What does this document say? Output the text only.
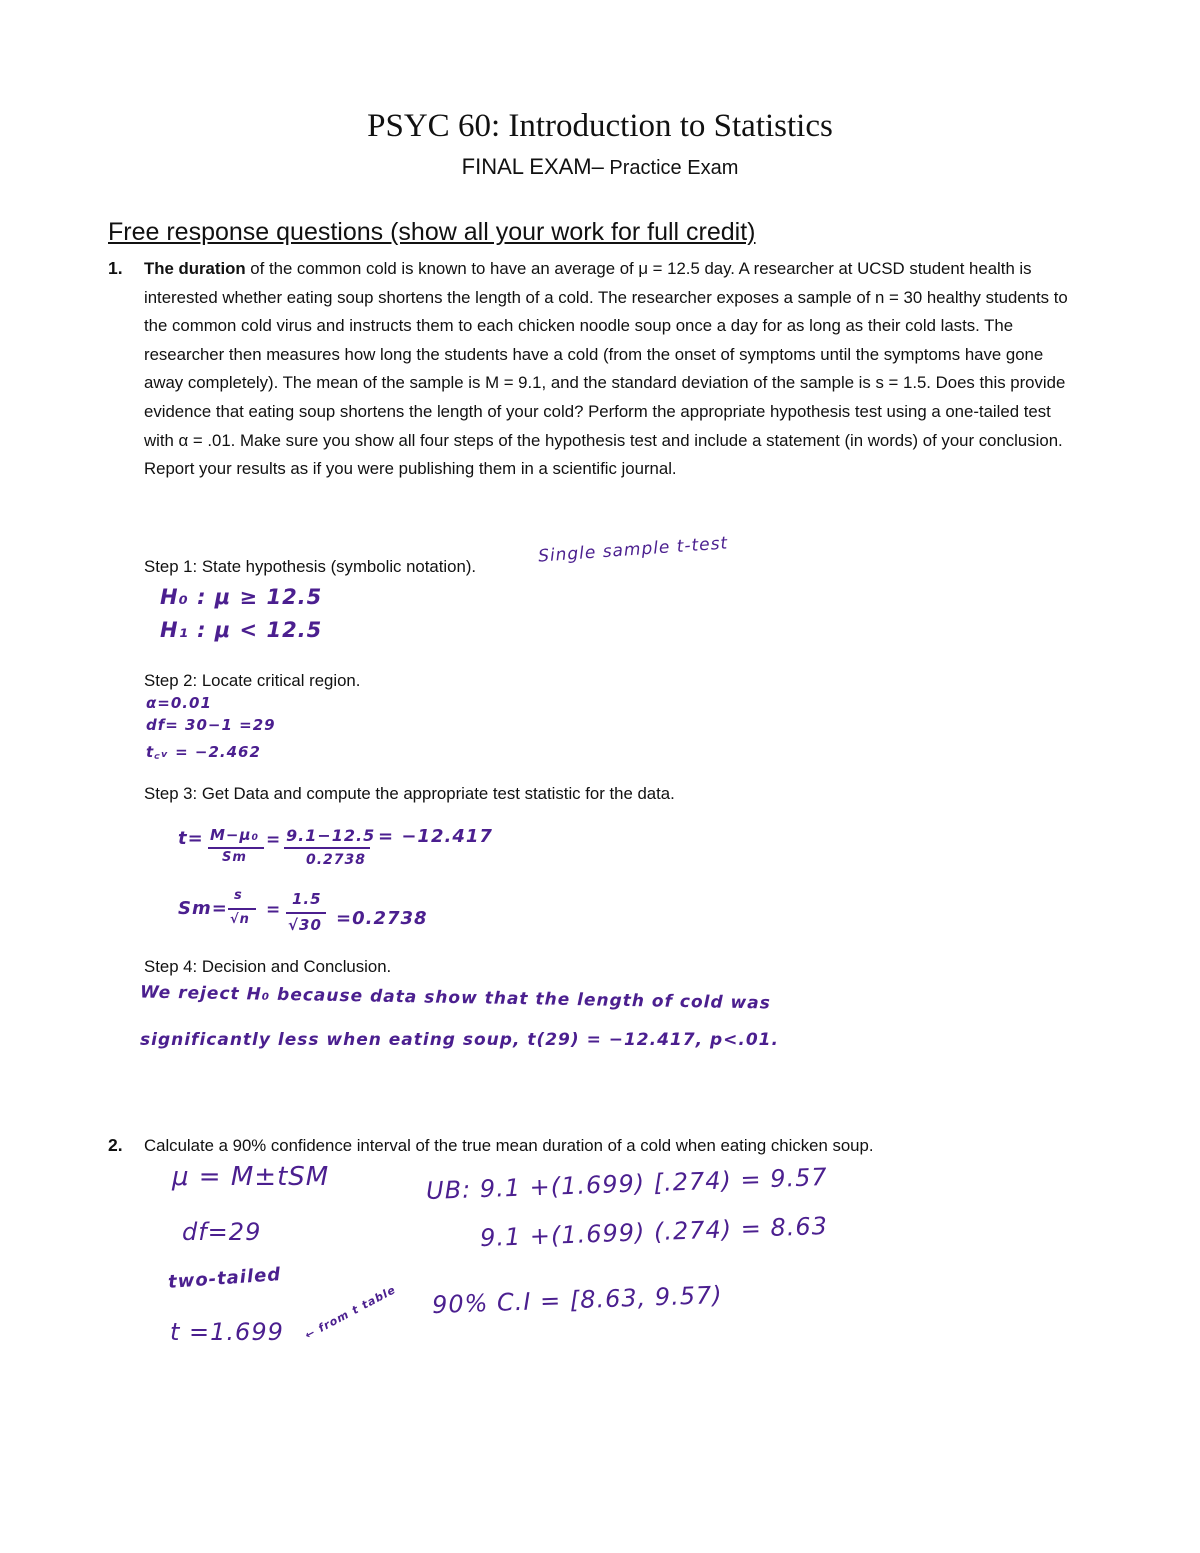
PSYC 60: Introduction to Statistics
FINAL EXAM– Practice Exam
Free response questions (show all your work for full credit)
1. The duration of the common cold is known to have an average of μ = 12.5 day. A researcher at UCSD student health is interested whether eating soup shortens the length of a cold. The researcher exposes a sample of n = 30 healthy students to the common cold virus and instructs them to each chicken noodle soup once a day for as long as their cold lasts. The researcher then measures how long the students have a cold (from the onset of symptoms until the symptoms have gone away completely). The mean of the sample is M = 9.1, and the standard deviation of the sample is s = 1.5. Does this provide evidence that eating soup shortens the length of your cold? Perform the appropriate hypothesis test using a one-tailed test with α = .01. Make sure you show all four steps of the hypothesis test and include a statement (in words) of your conclusion. Report your results as if you were publishing them in a scientific journal.
Step 1: State hypothesis (symbolic notation).	Single sample t-test
H₀ : μ ≥ 12.5
H₁ : μ < 12.5
Step 2: Locate critical region.
α=0.01
df= 30−1 =29
t꜀ᵥ = −2.462
Step 3: Get Data and compute the appropriate test statistic for the data.
t= M−μ₀
Sm
= 9.1−12.5
0.2738
= −12.417
Sm=
s
√n =
1.5
√30 =0.2738
Step 4: Decision and Conclusion.
We reject H₀ because data show that the length of cold was
significantly less when eating soup, t(29) = −12.417, p<.01.
2. Calculate a 90% confidence interval of the true mean duration of a cold when eating chicken soup.
μ = M±tSM
df=29
two-tailed
t =1.699 ← from t table
UB: 9.1 +(1.699) [.274) = 9.57
9.1 +(1.699) (.274) = 8.63
90% C.I = [8.63, 9.57)
